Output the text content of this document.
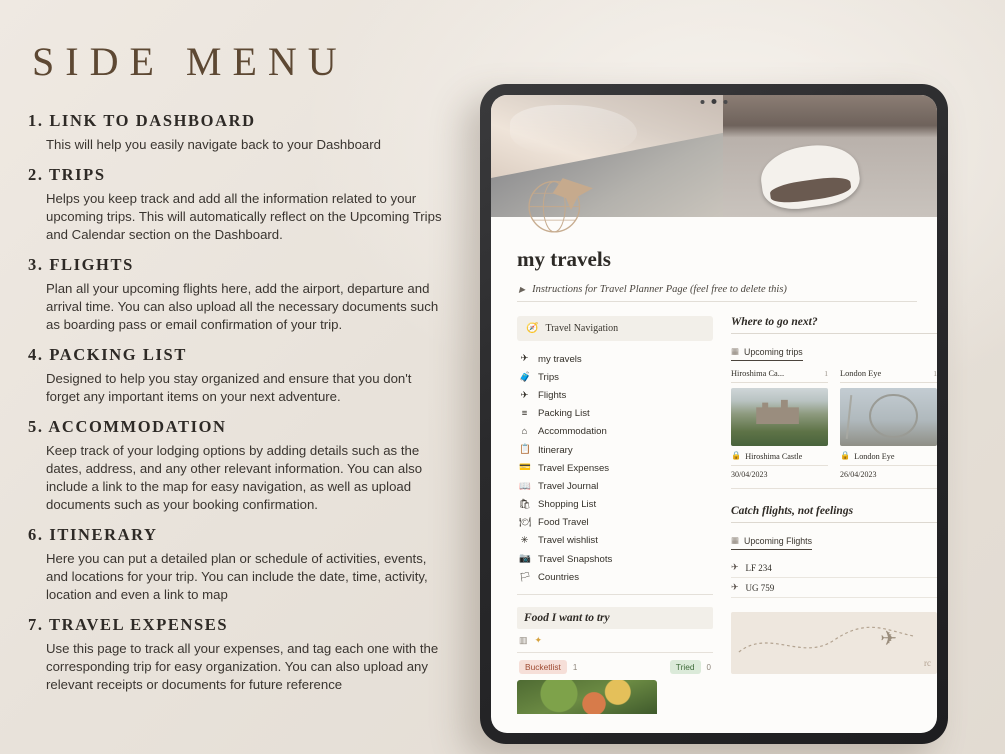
SIDE MENU

1. LINK TO DASHBOARD

This will help you easily navigate back to your Dashboard

2. TRIPS

Helps you keep track and add all the information related to your upcoming trips. This will automatically reflect on the Upcoming Trips and Calendar section on the Dashboard.

3. FLIGHTS

Plan all your upcoming flights here, add the airport, departure and arrival time. You can also upload all the necessary documents such as boarding pass or email confirmation of your trip.

4. PACKING LIST

Designed to help you stay organized and ensure that you don't forget any important items on your next adventure.

5. ACCOMMODATION

Keep track of your lodging options by adding details such as the dates, address, and any other relevant information. You can also include a link to the map for easy navigation, as well as upload documents such as your booking confirmation.

6. ITINERARY

Here you can put a detailed plan or schedule of activities, events, and locations for your trip. You can include the date, time, activity, location and even a link to map

7. TRAVEL EXPENSES

Use this page to track all your expenses, and tag each one with the corresponding trip for easy organization. You can also upload any relevant receipts or documents for future reference

my travels
▶ Instructions for Travel Planner Page (feel free to delete this)
🧭 Travel Navigation
✈ my travels
🧳 Trips
✈ Flights
≡ Packing List
⌂ Accommodation
📋 Itinerary
💳 Travel Expenses
📖 Travel Journal
🛍 Shopping List
🍽 Food Travel
✳ Travel wishlist
📷 Travel Snapshots
🏳 Countries
Food I want to try
▥ ✦
Bucketlist	1	Tried	0
Where to go next?
▦ Upcoming trips
Hiroshima Ca...	1
🔒 Hiroshima Castle
30/04/2023
London Eye	1
🔒 London Eye
26/04/2023
Catch flights, not feelings
▦ Upcoming Flights
✈ LF 234
✈ UG 759
✈
rc
